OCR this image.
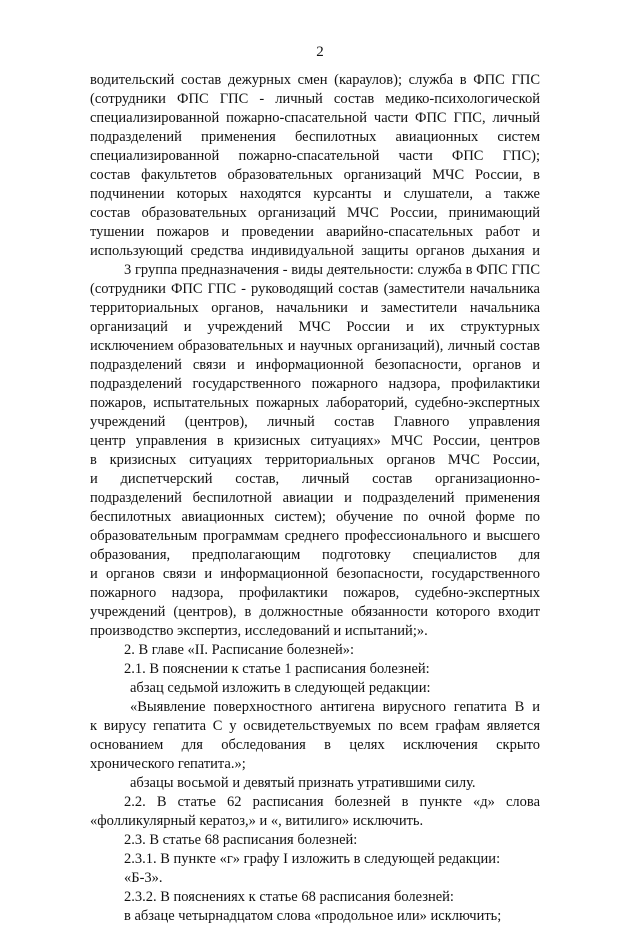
2
водительский состав дежурных смен (караулов); служба в ФПС ГПС
(сотрудники ФПС ГПС - личный состав медико-психологической
специализированной пожарно-спасательной части ФПС ГПС, личный
подразделений применения беспилотных авиационных систем
специализированной пожарно-спасательной части ФПС ГПС);
состав факультетов образовательных организаций МЧС России, в
подчинении которых находятся курсанты и слушатели, а также
состав образовательных организаций МЧС России, принимающий
тушении пожаров и проведении аварийно-спасательных работ и
использующий средства индивидуальной защиты органов дыхания и
3 группа предназначения - виды деятельности: служба в ФПС ГПС
(сотрудники ФПС ГПС - руководящий состав (заместители начальника
территориальных органов, начальники и заместители начальника
организаций и учреждений МЧС России и их структурных
исключением образовательных и научных организаций), личный состав
подразделений связи и информационной безопасности, органов и
подразделений государственного пожарного надзора, профилактики
пожаров, испытательных пожарных лабораторий, судебно-экспертных
учреждений (центров), личный состав Главного управления
центр управления в кризисных ситуациях» МЧС России, центров
в кризисных ситуациях территориальных органов МЧС России,
и диспетчерский состав, личный состав организационно-
подразделений беспилотной авиации и подразделений применения
беспилотных авиационных систем); обучение по очной форме по
образовательным программам среднего профессионального и высшего
образования, предполагающим подготовку специалистов для
и органов связи и информационной безопасности, государственного
пожарного надзора, профилактики пожаров, судебно-экспертных
учреждений (центров), в должностные обязанности которого входит
производство экспертиз, исследований и испытаний;».
2. В главе «II. Расписание болезней»:
2.1. В пояснении к статье 1 расписания болезней:
абзац седьмой изложить в следующей редакции:
«Выявление поверхностного антигена вирусного гепатита В и
к вирусу гепатита С у освидетельствуемых по всем графам является
основанием для обследования в целях исключения скрыто
хронического гепатита.»;
абзацы восьмой и девятый признать утратившими силу.
2.2. В статье 62 расписания болезней в пункте «д» слова
«фолликулярный кератоз,» и «, витилиго» исключить.
2.3. В статье 68 расписания болезней:
2.3.1. В пункте «г» графу I изложить в следующей редакции:
«Б-3».
2.3.2. В пояснениях к статье 68 расписания болезней:
в абзаце четырнадцатом слова «продольное или» исключить;
